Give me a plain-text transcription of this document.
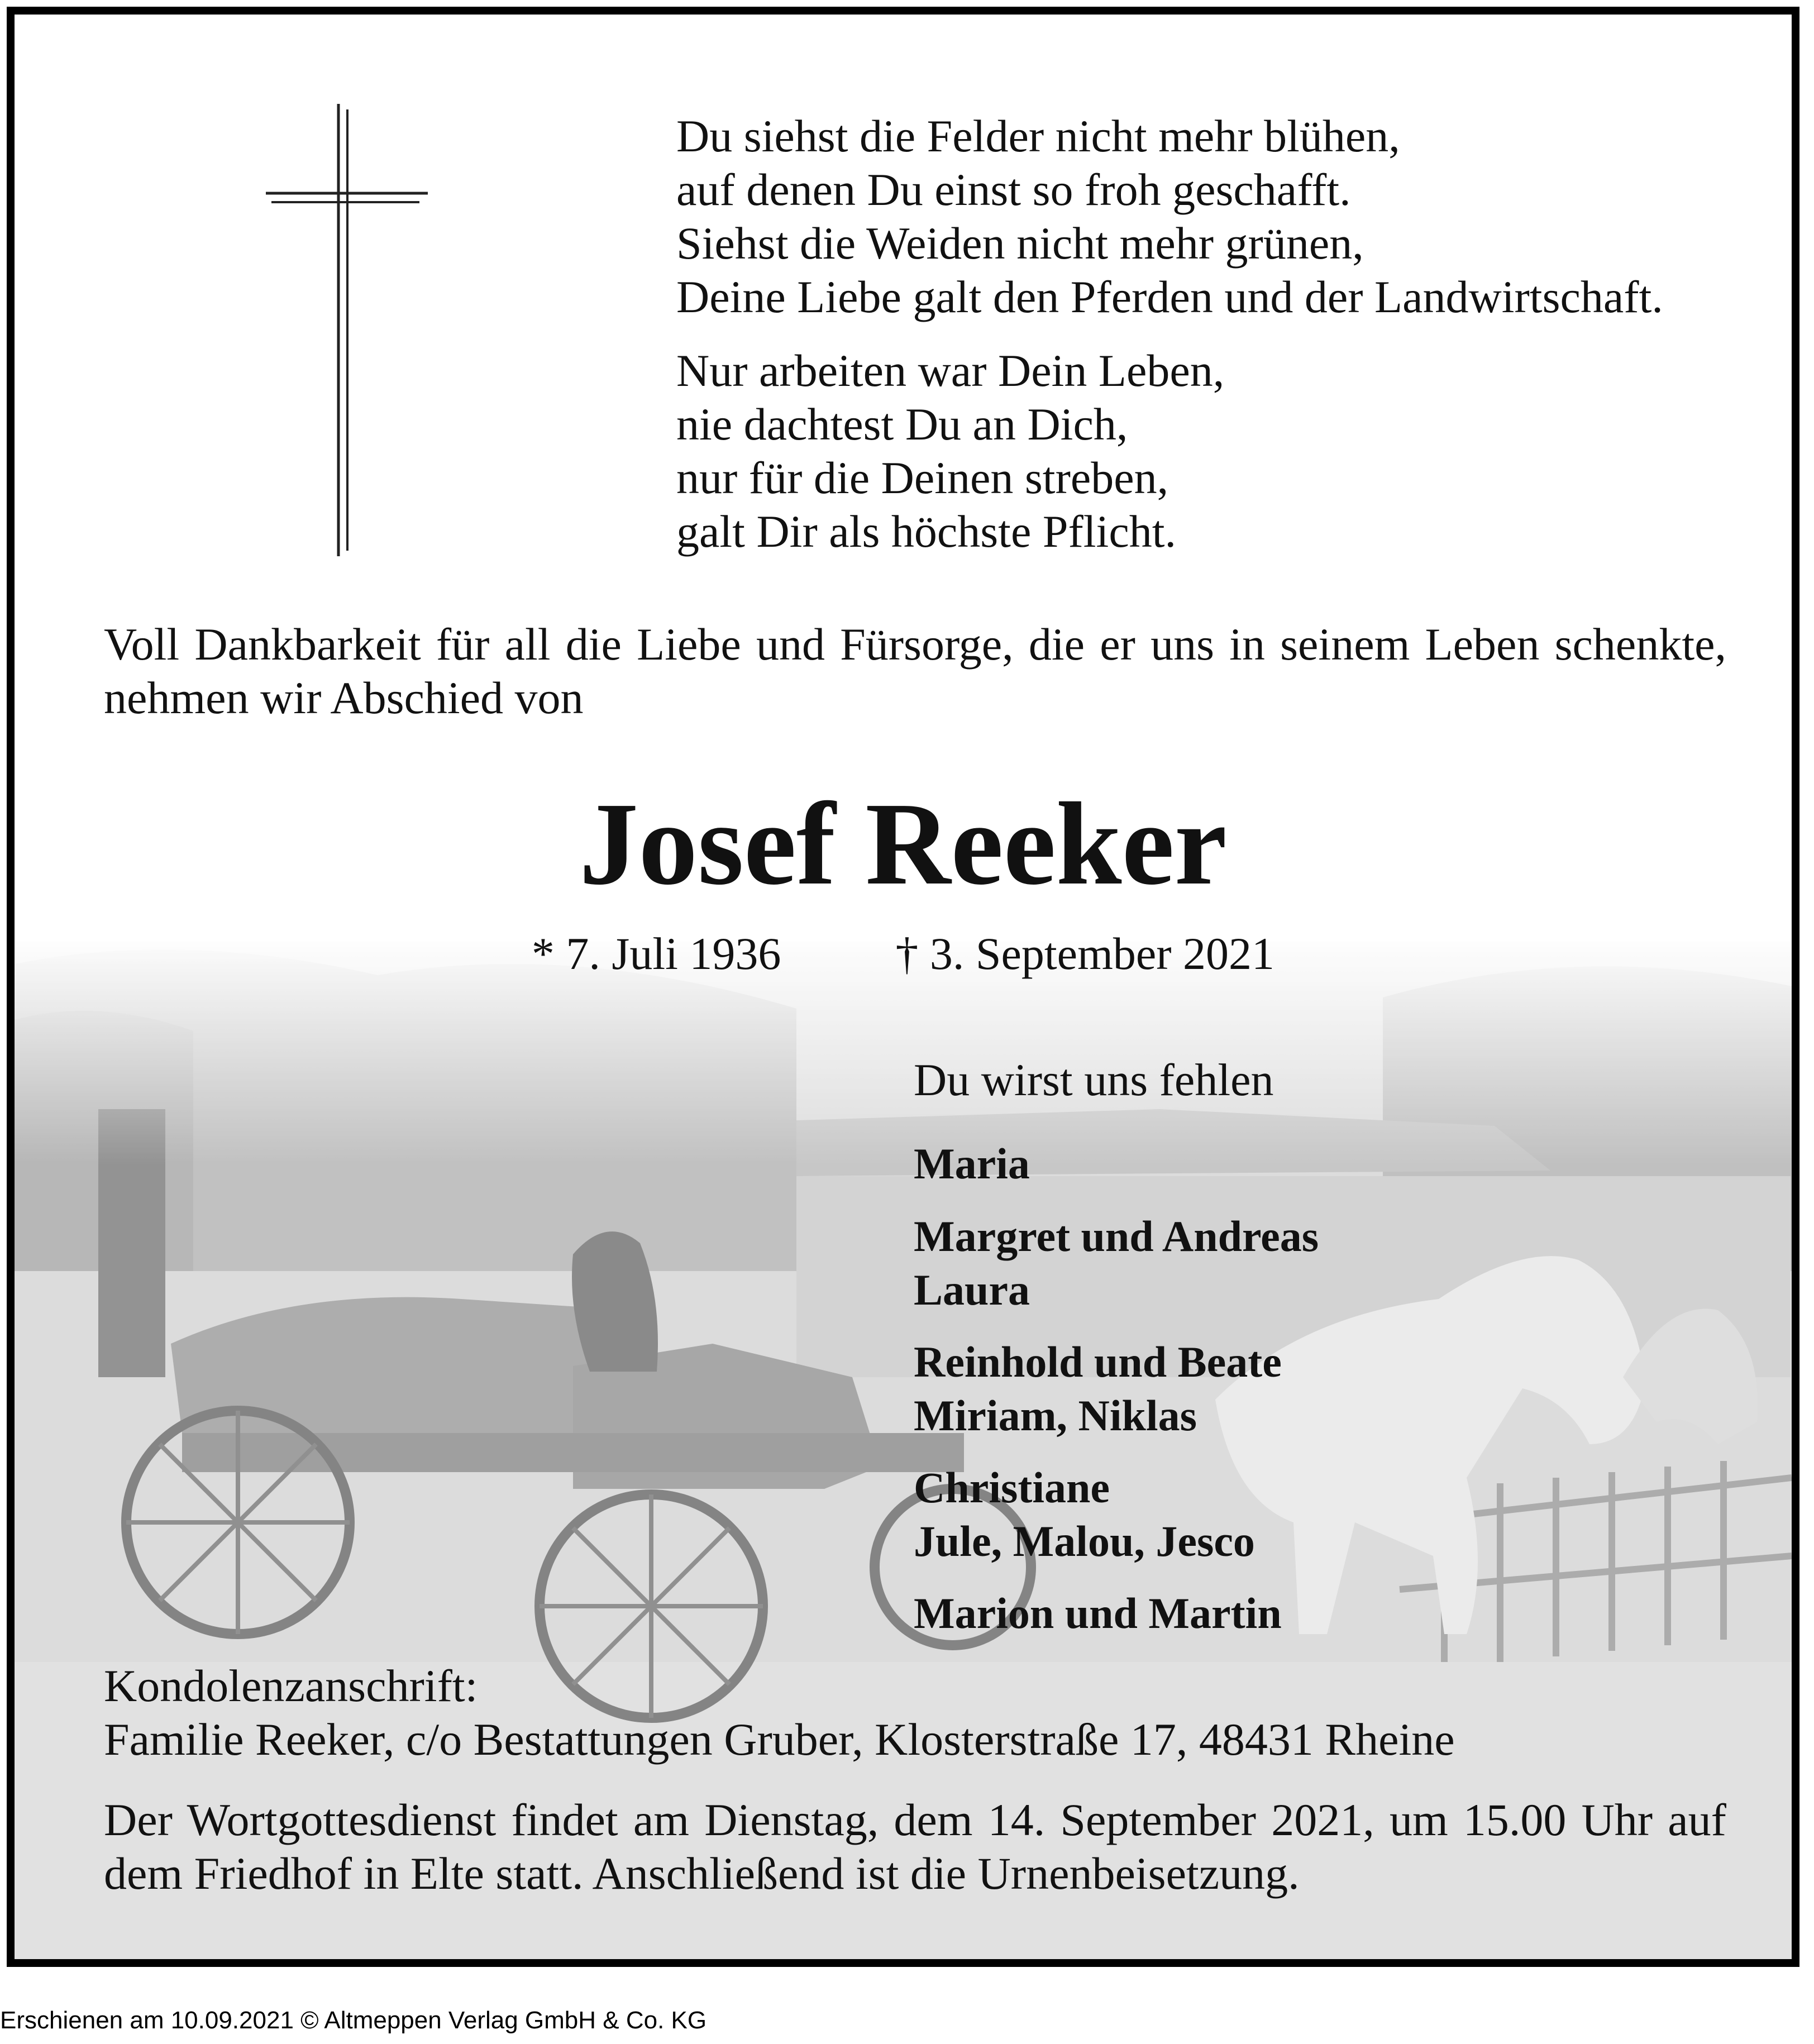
Du siehst die Felder nicht mehr blühen,
auf denen Du einst so froh geschafft.
Siehst die Weiden nicht mehr grünen,
Deine Liebe galt den Pferden und der Landwirtschaft.

Nur arbeiten war Dein Leben,
nie dachtest Du an Dich,
nur für die Deinen streben,
galt Dir als höchste Pflicht.

Voll Dankbarkeit für all die Liebe und Fürsorge, die er uns in seinem Leben schenkte, nehmen wir Abschied von

Josef Reeker
* 7. Juli 1936          † 3. September 2021
Du wirst uns fehlen
Maria
Margret und Andreas
Laura
Reinhold und Beate
Miriam, Niklas
Christiane
Jule, Malou, Jesco
Marion und Martin

Kondolenzanschrift:
Familie Reeker, c/o Bestattungen Gruber, Klosterstraße 17, 48431 Rheine

Der Wortgottesdienst findet am Dienstag, dem 14. September 2021, um 15.00 Uhr auf dem Friedhof in Elte statt. Anschließend ist die Urnenbeisetzung.

Erschienen am 10.09.2021 © Altmeppen Verlag GmbH & Co. KG
